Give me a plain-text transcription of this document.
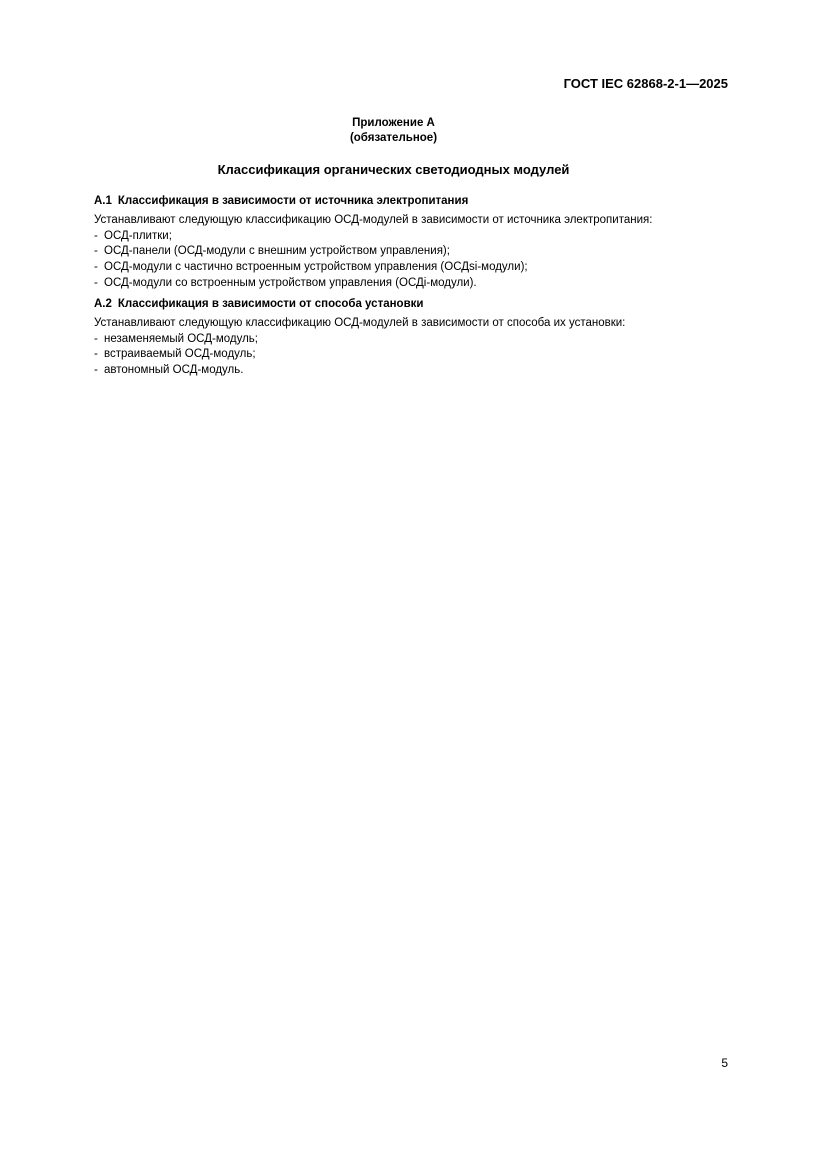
ГОСТ IEC 62868-2-1—2025
Приложение А
(обязательное)
Классификация органических светодиодных модулей
А.1 Классификация в зависимости от источника электропитания

Устанавливают следующую классификацию ОСД-модулей в зависимости от источника электропитания:

- ОСД-плитки;
- ОСД-панели (ОСД-модули с внешним устройством управления);
- ОСД-модули с частично встроенным устройством управления (ОСДsi-модули);
- ОСД-модули со встроенным устройством управления (ОСДi-модули).
А.2 Классификация в зависимости от способа установки

Устанавливают следующую классификацию ОСД-модулей в зависимости от способа их установки:

- незаменяемый ОСД-модуль;
- встраиваемый ОСД-модуль;
- автономный ОСД-модуль.
5
